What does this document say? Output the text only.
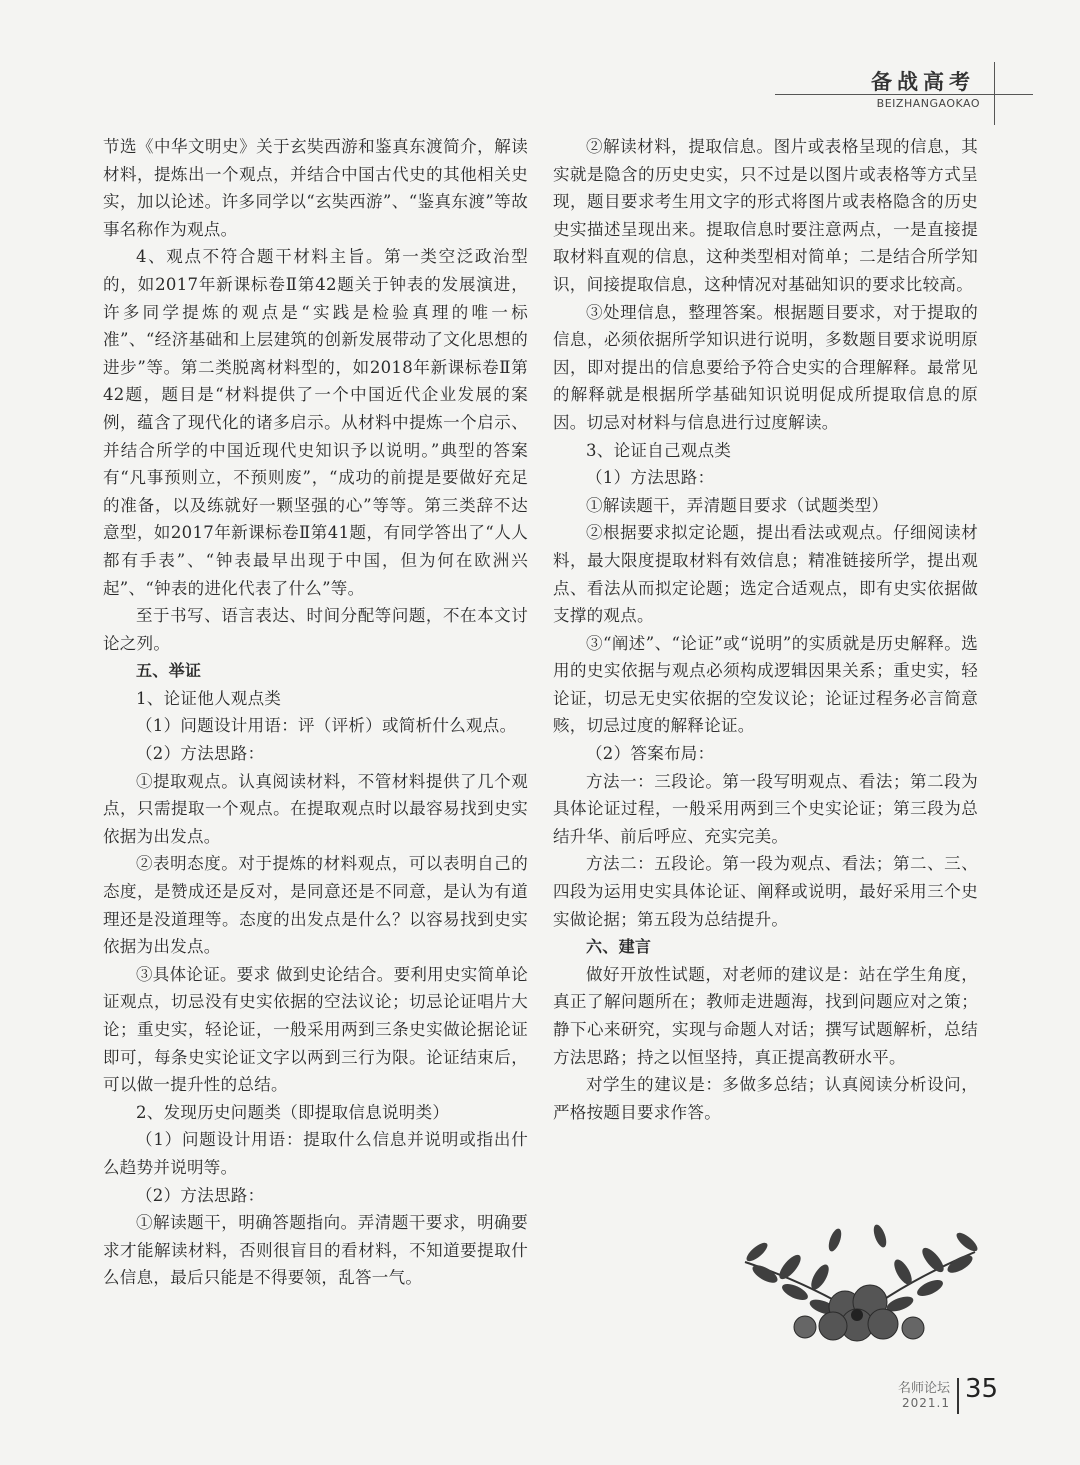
备战高考
BEIZHANGAOKAO

节选《中华文明史》关于玄奘西游和鉴真东渡简介，解读材料，提炼出一个观点，并结合中国古代史的其他相关史实，加以论述。许多同学以“玄奘西游”、“鉴真东渡”等故事名称作为观点。

4、观点不符合题干材料主旨。第一类空泛政治型的，如2017年新课标卷Ⅱ第42题关于钟表的发展演进，许多同学提炼的观点是“实践是检验真理的唯一标准”、“经济基础和上层建筑的创新发展带动了文化思想的进步”等。第二类脱离材料型的，如2018年新课标卷Ⅱ第42题，题目是“材料提供了一个中国近代企业发展的案例，蕴含了现代化的诸多启示。从材料中提炼一个启示、并结合所学的中国近现代史知识予以说明。”典型的答案有“凡事预则立，不预则废”，“成功的前提是要做好充足的准备，以及练就好一颗坚强的心”等等。第三类辞不达意型，如2017年新课标卷Ⅱ第41题，有同学答出了“人人都有手表”、“钟表最早出现于中国，但为何在欧洲兴起”、“钟表的进化代表了什么”等。

至于书写、语言表达、时间分配等问题，不在本文讨论之列。

五、举证

1、论证他人观点类

（1）问题设计用语：评（评析）或简析什么观点。

（2）方法思路：

①提取观点。认真阅读材料，不管材料提供了几个观点，只需提取一个观点。在提取观点时以最容易找到史实依据为出发点。

②表明态度。对于提炼的材料观点，可以表明自己的态度，是赞成还是反对，是同意还是不同意，是认为有道理还是没道理等。态度的出发点是什么？以容易找到史实依据为出发点。

③具体论证。要求 做到史论结合。要利用史实简单论证观点，切忌没有史实依据的空法议论；切忌论证唱片大论；重史实，轻论证，一般采用两到三条史实做论据论证即可，每条史实论证文字以两到三行为限。论证结束后，可以做一提升性的总结。

2、发现历史问题类（即提取信息说明类）

（1）问题设计用语：提取什么信息并说明或指出什么趋势并说明等。

（2）方法思路：

①解读题干，明确答题指向。弄清题干要求，明确要求才能解读材料，否则很盲目的看材料，不知道要提取什么信息，最后只能是不得要领，乱答一气。

②解读材料，提取信息。图片或表格呈现的信息，其实就是隐含的历史史实，只不过是以图片或表格等方式呈现，题目要求考生用文字的形式将图片或表格隐含的历史史实描述呈现出来。提取信息时要注意两点，一是直接提取材料直观的信息，这种类型相对简单；二是结合所学知识，间接提取信息，这种情况对基础知识的要求比较高。

③处理信息，整理答案。根据题目要求，对于提取的信息，必须依据所学知识进行说明，多数题目要求说明原因，即对提出的信息要给予符合史实的合理解释。最常见的解释就是根据所学基础知识说明促成所提取信息的原因。切忌对材料与信息进行过度解读。

3、论证自己观点类

（1）方法思路：

①解读题干，弄清题目要求（试题类型）

②根据要求拟定论题，提出看法或观点。仔细阅读材料，最大限度提取材料有效信息；精准链接所学，提出观点、看法从而拟定论题；选定合适观点，即有史实依据做支撑的观点。

③“阐述”、“论证”或“说明”的实质就是历史解释。选用的史实依据与观点必须构成逻辑因果关系；重史实，轻论证，切忌无史实依据的空发议论；论证过程务必言简意赅，切忌过度的解释论证。

（2）答案布局：

方法一：三段论。第一段写明观点、看法；第二段为具体论证过程，一般采用两到三个史实论证；第三段为总结升华、前后呼应、充实完美。

方法二：五段论。第一段为观点、看法；第二、三、四段为运用史实具体论证、阐释或说明，最好采用三个史实做论据；第五段为总结提升。

六、建言

做好开放性试题，对老师的建议是：站在学生角度，真正了解问题所在；教师走进题海，找到问题应对之策；静下心来研究，实现与命题人对话；撰写试题解析，总结方法思路；持之以恒坚持，真正提高教研水平。

对学生的建议是：多做多总结；认真阅读分析设问，严格按题目要求作答。

名师论坛
2021.1 35
